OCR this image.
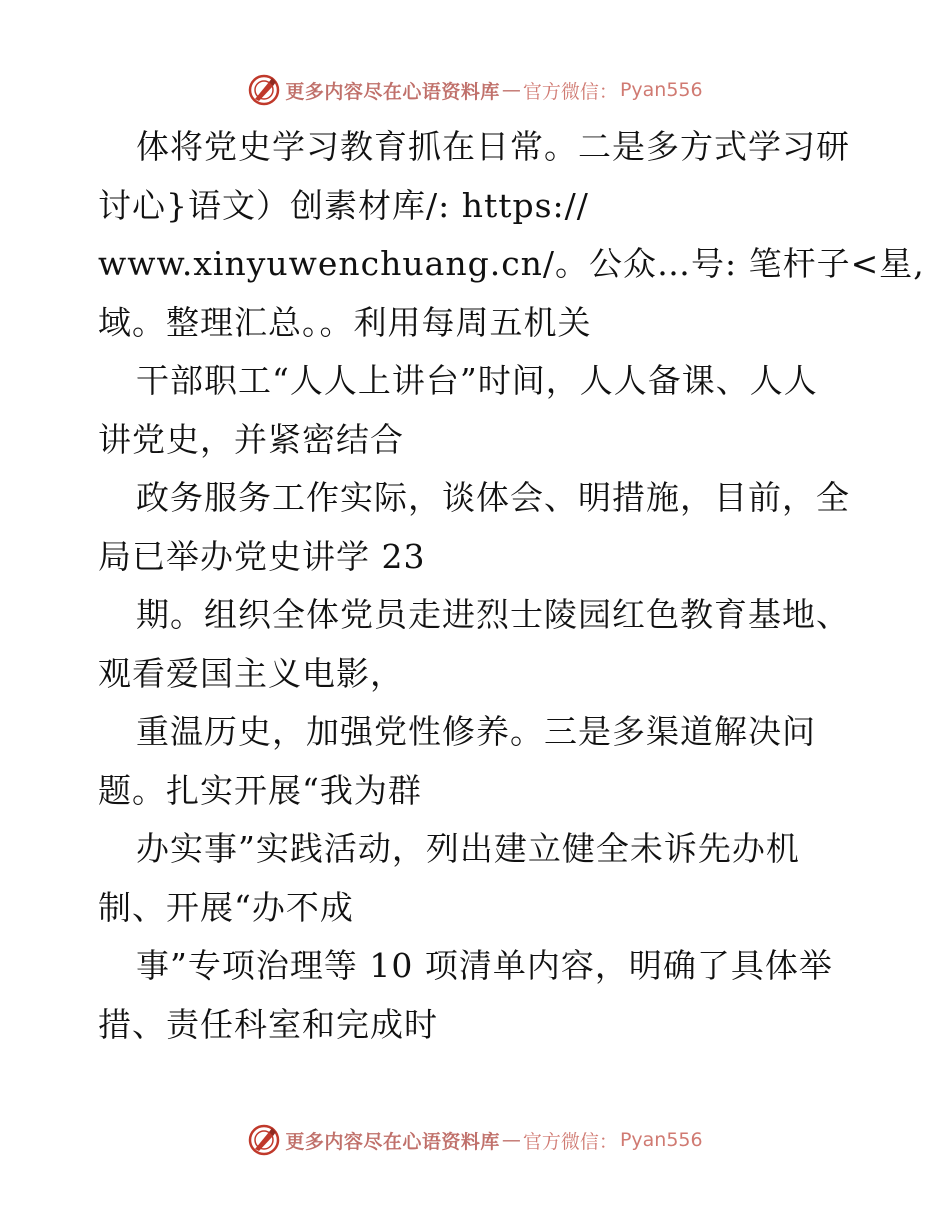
更多内容尽在心语资料库 — 官方微信： Pyan556
体将党史学习教育抓在日常。二是多方式学习研
讨心}语文）创素材库/: https://
www.xinyuwenchuang.cn/。公众…号: 笔杆子<星,
域。整理汇总。。利用每周五机关
干部职工“人人上讲台”时间，人人备课、人人
讲党史，并紧密结合
政务服务工作实际，谈体会、明措施，目前，全
局已举办党史讲学 23
期。组织全体党员走进烈士陵园红色教育基地、
观看爱国主义电影，
重温历史，加强党性修养。三是多渠道解决问
题。扎实开展“我为群
办实事”实践活动，列出建立健全未诉先办机
制、开展“办不成
事”专项治理等 10 项清单内容，明确了具体举
措、责任科室和完成时
更多内容尽在心语资料库 — 官方微信： Pyan556
